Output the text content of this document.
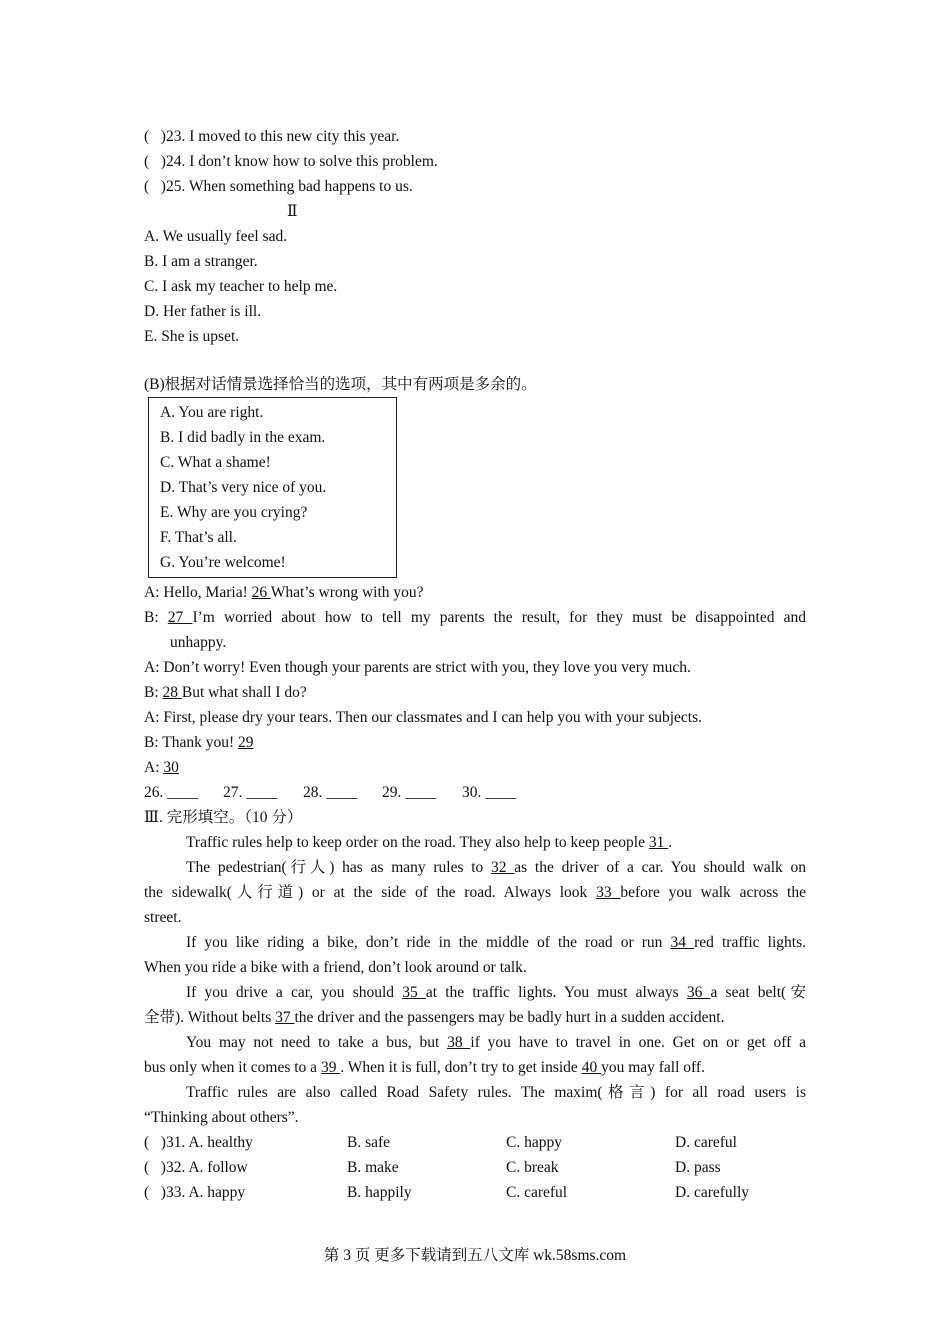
(   )23. I moved to this new city this year.
(   )24. I don’t know how to solve this problem.
(   )25. When something bad happens to us.
Ⅱ
A. We usually feel sad.
B. I am a stranger.
C. I ask my teacher to help me.
D. Her father is ill.
E. She is upset.
(B)根据对话情景选择恰当的选项，其中有两项是多余的。
A. You are right.
B. I did badly in the exam.
C. What a shame!
D. That’s very nice of you.
E. Why are you crying?
F. That’s all.
G. You’re welcome!
A: Hello, Maria! 26 What’s wrong with you?
B: 27 I’m worried about how to tell my parents the result, for they must be disappointed and
unhappy.
A: Don’t worry! Even though your parents are strict with you, they love you very much.
B: 28 But what shall I do?
A: First, please dry your tears. Then our classmates and I can help you with your subjects.
B: Thank you! 29
A: 30
26. ____ 27. ____ 28. ____ 29. ____ 30. ____
Ⅲ. 完形填空。（10 分）
Traffic rules help to keep order on the road. They also help to keep people 31 .
The pedestrian(行人) has as many rules to 32 as the driver of a car. You should walk on
the sidewalk(人行道) or at the side of the road. Always look 33 before you walk across the
street.
If you like riding a bike, don’t ride in the middle of the road or run 34 red traffic lights.
When you ride a bike with a friend, don’t look around or talk.
If you drive a car, you should 35 at the traffic lights. You must always 36 a seat belt(安
全带). Without belts 37 the driver and the passengers may be badly hurt in a sudden accident.
You may not need to take a bus, but 38 if you have to travel in one. Get on or get off a
bus only when it comes to a 39 . When it is full, don’t try to get inside 40 you may fall off.
Traffic rules are also called Road Safety rules. The maxim(格言) for all road users is
“Thinking about others”.
(   )31. A. healthy	B. safe	C. happy	D. careful
(   )32. A. follow	B. make	C. break	D. pass
(   )33. A. happy	B. happily	C. careful	D. carefully
第 3 页 更多下载请到五八文库 wk.58sms.com
